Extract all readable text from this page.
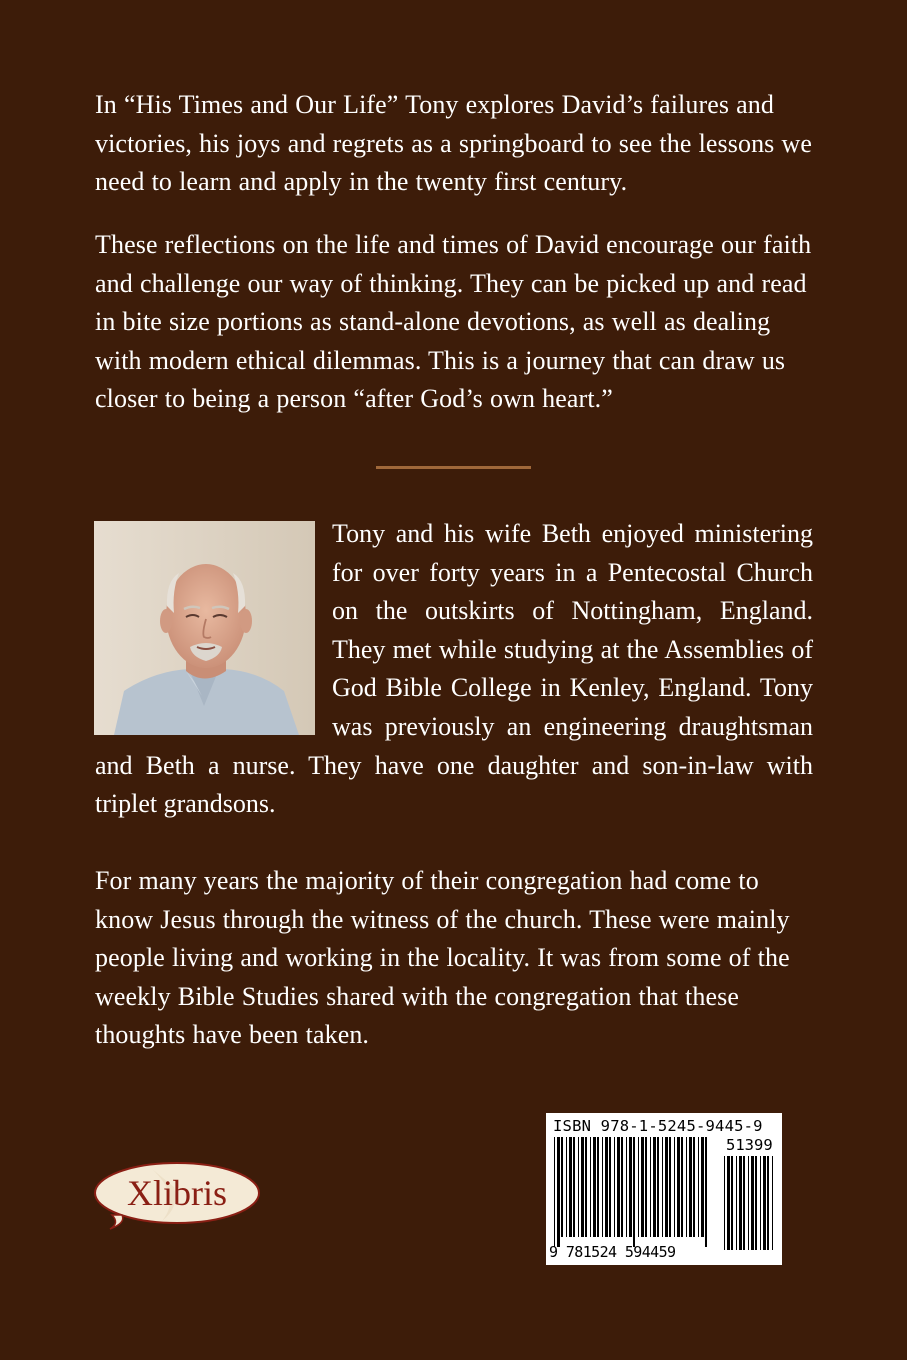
In “His Times and Our Life” Tony explores David’s failures and victories, his joys and regrets as a springboard to see the lessons we need to learn and apply in the twenty first century.

These reflections on the life and times of David encourage our faith and challenge our way of thinking. They can be picked up and read in bite size portions as stand-alone devotions, as well as dealing with modern ethical dilemmas. This is a journey that can draw us closer to being a person “after God’s own heart.”

Tony and his wife Beth enjoyed ministering for over forty years in a Pentecostal Church on the outskirts of Nottingham, England. They met while studying at the Assemblies of God Bible College in Kenley, England. Tony was previously an engineering draughtsman and Beth a nurse. They have one daughter and son-in-law with triplet grandsons.

For many years the majority of their congregation had come to know Jesus through the witness of the church. These were mainly people living and working in the locality. It was from some of the weekly Bible Studies shared with the congregation that these thoughts have been taken.

Xlibris
ISBN 978-1-5245-9445-9
51399
9 781524 594459
